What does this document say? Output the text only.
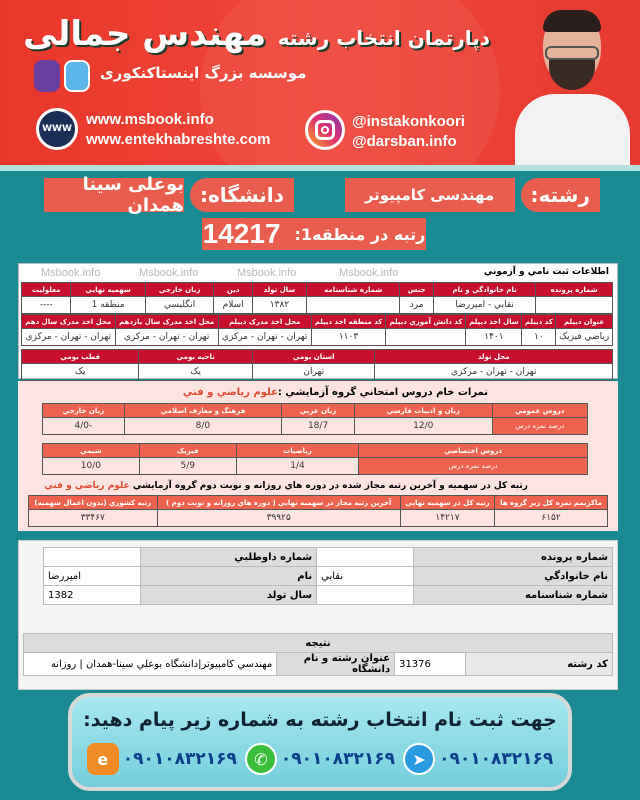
دپارتمان انتخاب رشته مهندس جمالی
موسسه بزرگ اینستاکنکوری
WWW
www.msbook.info
www.entekhabreshte.com
@instakonkoori
@darsban.info
رشته:
مهندسی کامپیوتر
دانشگاه:
بوعلی سینا همدان
رتبه در منطقه1:
14217
Msbook.info	Msbook.info	Msbook.info	Msbook.info	اطلاعات ثبت نامي و آزموني
شماره پرونده	نام خانوادگي و نام	جنس	شماره شناسنامه	سال تولد	دين	زبان خارجي	سهميه نهايي	معلوليت
	نقابي - اميررضا	مرد		۱۳۸۲	اسلام	انگليسي	منطقه 1	----
عنوان ديپلم	كد ديپلم	سال اخذ ديپلم	كد دانش آموزي ديپلم	كد منطقه اخذ ديپلم	محل اخذ مدرک ديپلم	محل اخذ مدرک سال يازدهم	محل اخذ مدرک سال دهم
رياضي فيزيک	۱۰	۱۴۰۱		۱۱۰۳	تهران - تهران - مرکزي	تهران - تهران - مرکزي	تهران - تهران - مرکزي
محل تولد	استان بومي	ناحيه بومي	قطب بومي
تهران - تهران - مرکزي	تهران	يک	يک
نمرات خام دروس امتحاني گروه آزمايشي :علوم رياضي و فني
دروس عمومي	زبان و ادبيات فارسي	زبان عربي	فرهنگ و معارف اسلامي	زبان خارجي
درصد نمره درس	12/0	18/7	8/0	-4/0
دروس اختصاصي	رياضيات	فيزيک	شيمي
درصد نمره درس	1/4	5/9	10/0
رتبه كل در سهميه و آخرين رتبه مجاز شده در دوره هاي روزانه و نوبت دوم گروه آزمايشي علوم رياضي و فني
ماكزيمم نمره كل زير گروه ها	رتبه كل در سهميه نهايي	آخرين رتبه مجاز در سهميه نهايي ( دوره هاي روزانه و نوبت دوم )	رتبه كشوري (بدون اعمال سهميه)
۶۱۵۲	۱۴۲۱۷	۳۹۹۲۵	۳۳۴۶۷
شماره پرونده		شماره داوطلبي	
نام خانوادگي	نقابي	نام	اميررضا
شماره شناسنامه		سال تولد	1382
نتيجه
كد رشته	31376	عنوان رشته و نام دانشگاه	مهندسي كامپيوتر|دانشگاه بوعلي سينا-همدان | روزانه
جهت ثبت نام انتخاب رشته به شماره زیر پیام دهید:
e ۰۹۰۱۰۸۳۲۱۶۹	✆ ۰۹۰۱۰۸۳۲۱۶۹	➤ ۰۹۰۱۰۸۳۲۱۶۹
